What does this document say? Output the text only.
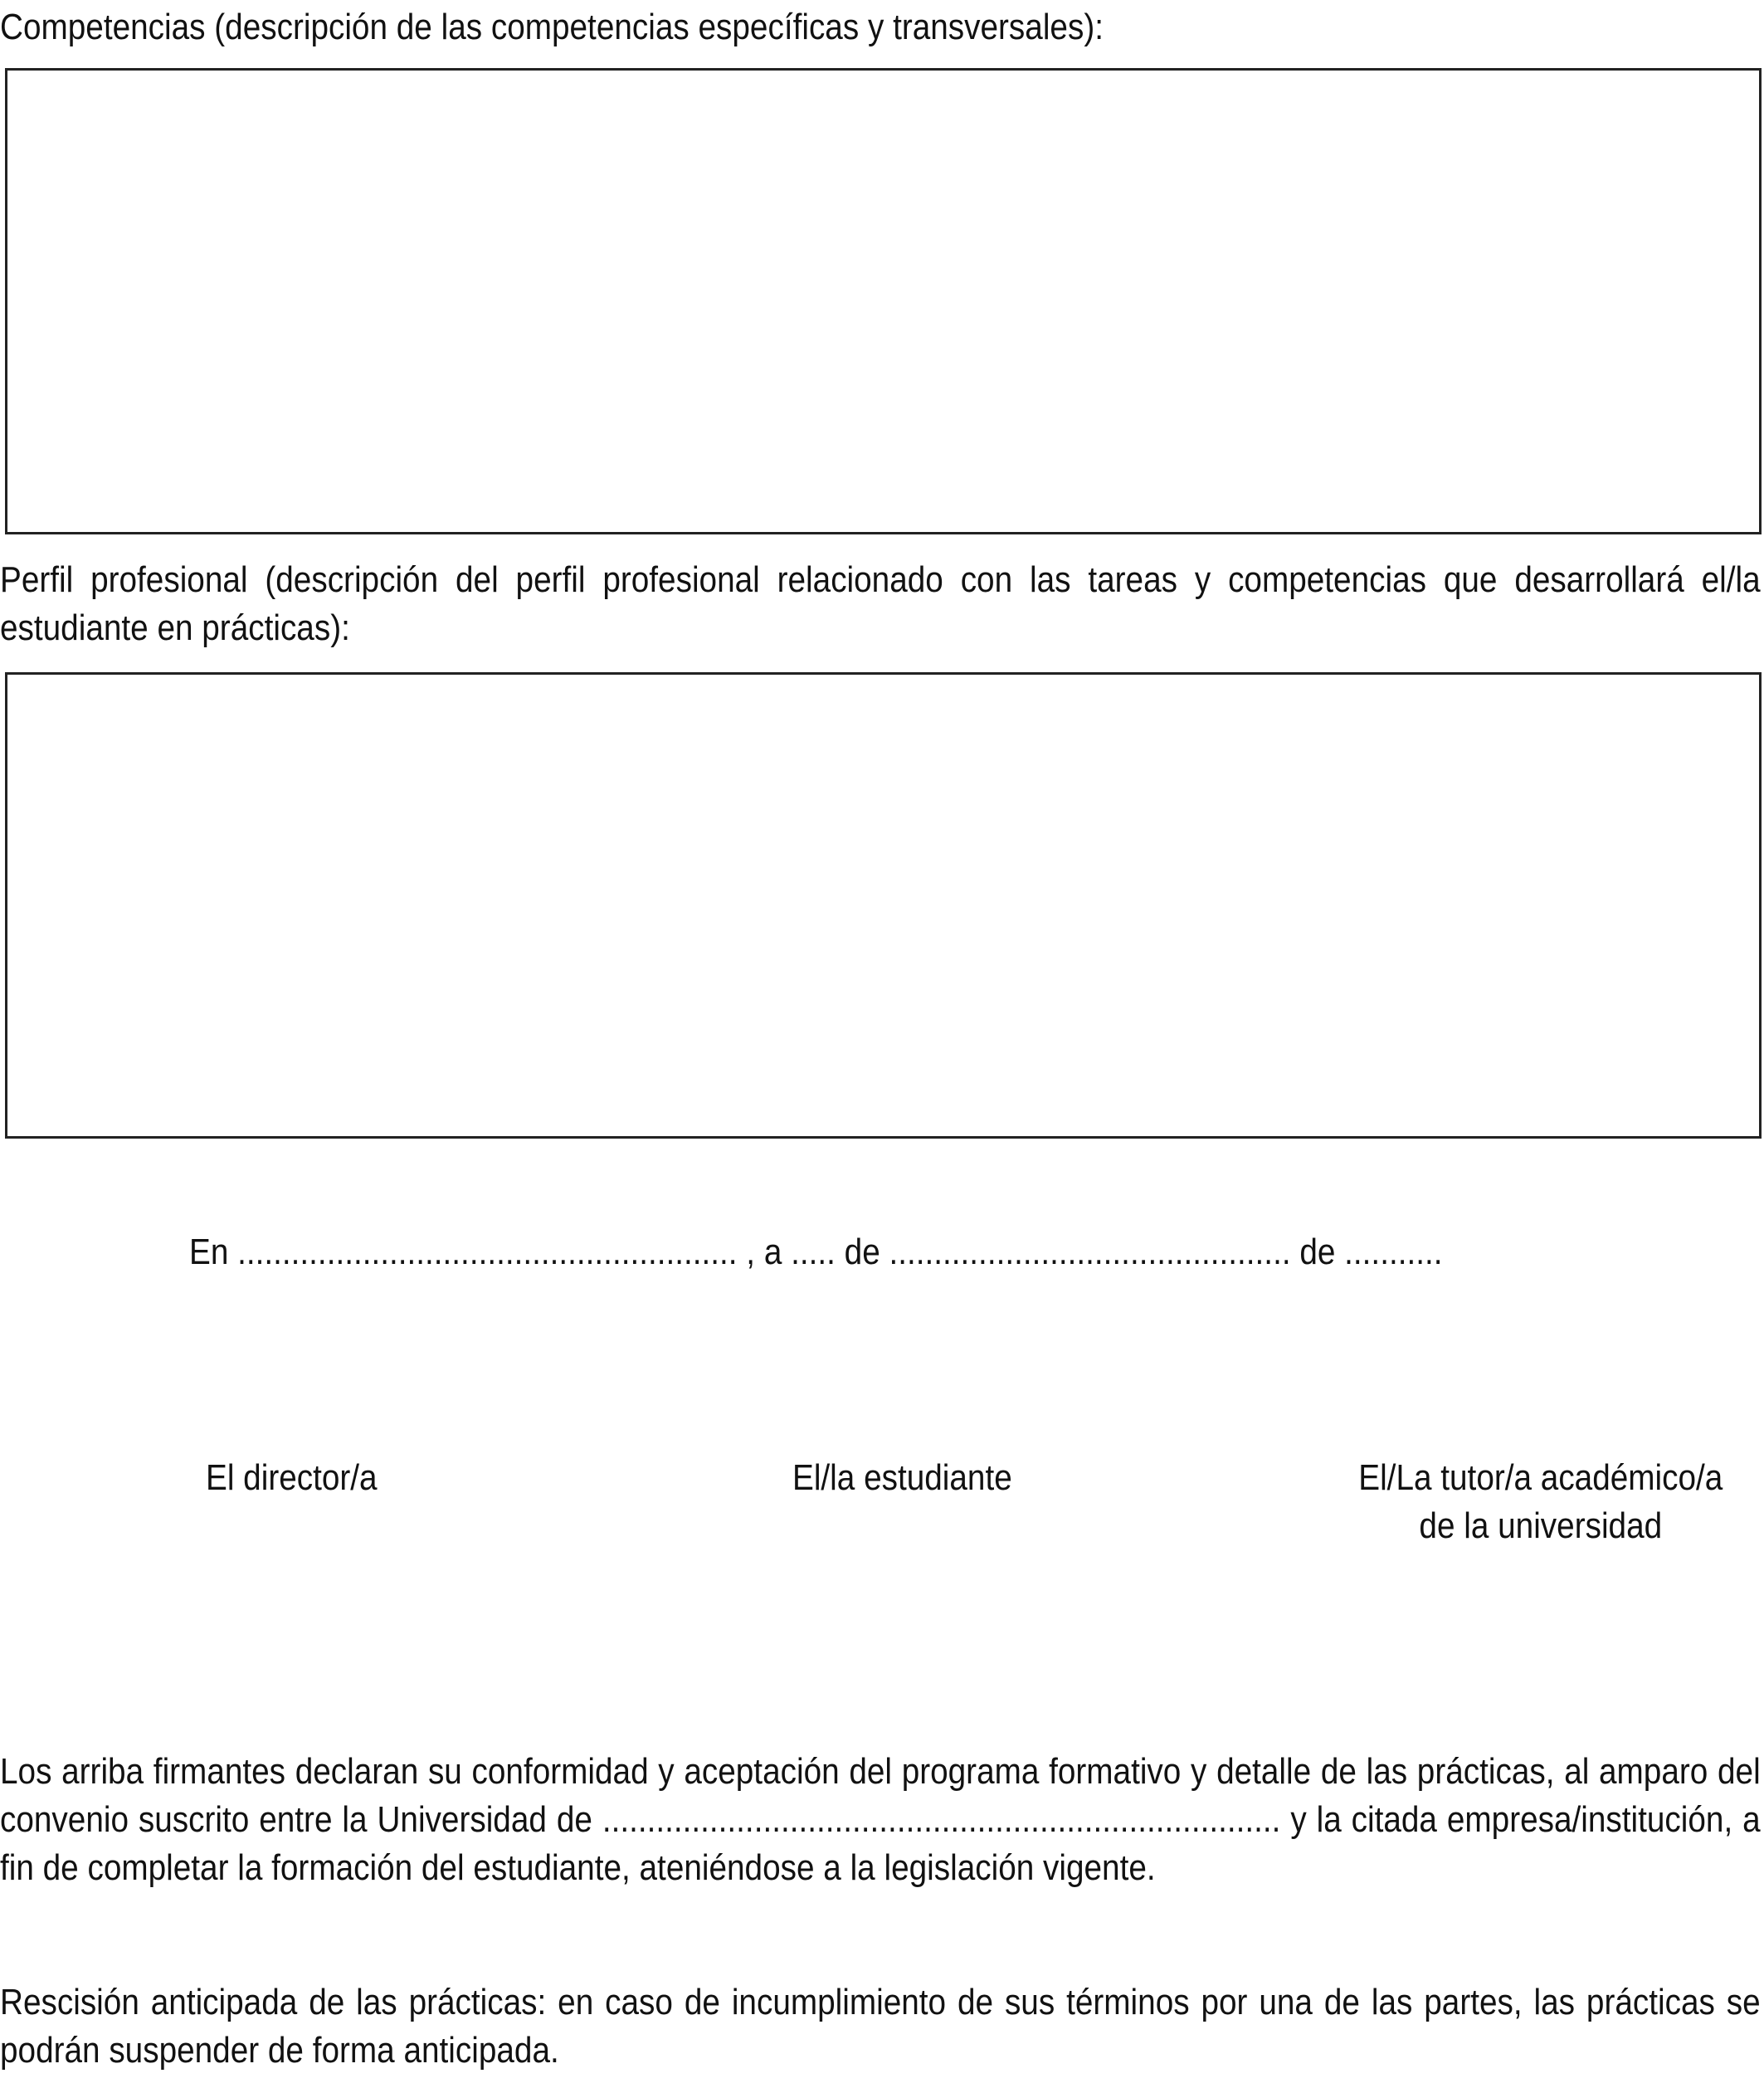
Competencias (descripción de las competencias específicas y transversales):
Perfil profesional (descripción del perfil profesional relacionado con las tareas y competencias que desarrollará el/la estudiante en prácticas):
En ........................................................ , a ..... de ............................................. de ...........
El director/a	El/la estudiante	El/La tutor/a académico/a
de la universidad
Los arriba firmantes declaran su conformidad y aceptación del programa formativo y detalle de las prácticas, al amparo del convenio suscrito entre la Universidad de ............................................................................ y la citada empresa/institución, a fin de completar la formación del estudiante, ateniéndose a la legislación vigente.
Rescisión anticipada de las prácticas: en caso de incumplimiento de sus términos por una de las partes, las prácticas se podrán suspender de forma anticipada.
